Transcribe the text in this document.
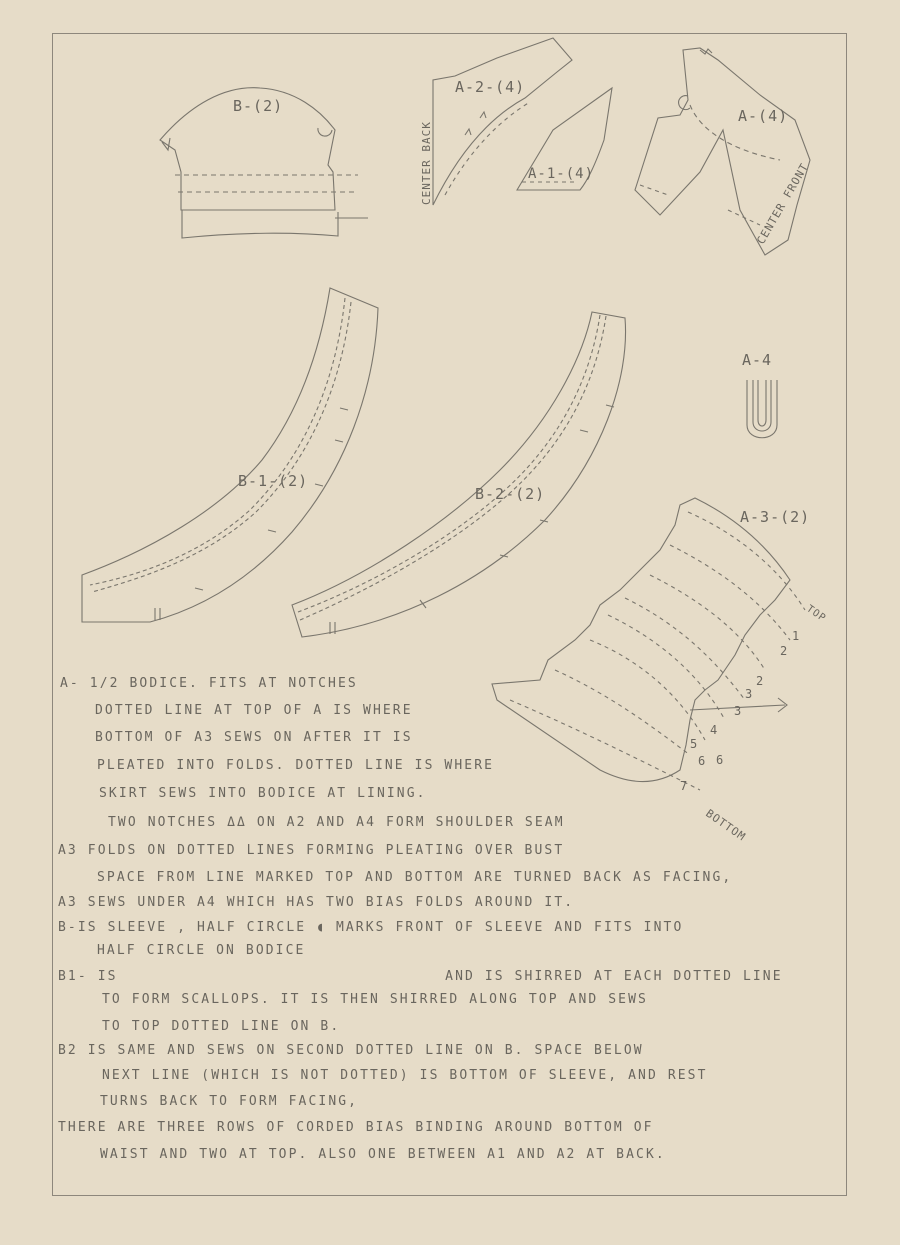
B-(2)
A-2-(4)
CENTER BACK	A-1-(4)
A-(4)
CENTER FRONT
A-4
B-1-(2)
B-2-(2)
A-3-(2)
TOP
BOTTOM
1
2
2
3
3
4
5
6
6
7
A- 1/2 BODICE. FITS AT NOTCHES
DOTTED LINE AT TOP OF A IS WHERE
BOTTOM OF A3 SEWS ON AFTER IT IS
PLEATED INTO FOLDS. DOTTED LINE IS WHERE
SKIRT SEWS INTO BODICE AT LINING.
TWO NOTCHES ΔΔ ON A2 AND A4 FORM SHOULDER SEAM
A3 FOLDS ON DOTTED LINES FORMING PLEATING OVER BUST
SPACE FROM LINE MARKED TOP AND BOTTOM ARE TURNED BACK AS FACING,
A3 SEWS UNDER A4 WHICH HAS TWO BIAS FOLDS AROUND IT.
B-IS SLEEVE , HALF CIRCLE ◖ MARKS FRONT OF SLEEVE AND FITS INTO
HALF CIRCLE ON BODICE
B1- IS                                 AND IS SHIRRED AT EACH DOTTED LINE
TO FORM SCALLOPS. IT IS THEN SHIRRED ALONG TOP AND SEWS
TO TOP DOTTED LINE ON B.
B2 IS SAME AND SEWS ON SECOND DOTTED LINE ON B. SPACE BELOW
NEXT LINE (WHICH IS NOT DOTTED) IS BOTTOM OF SLEEVE, AND REST
TURNS BACK TO FORM FACING,
THERE ARE THREE ROWS OF CORDED BIAS BINDING AROUND BOTTOM OF
WAIST AND TWO AT TOP. ALSO ONE BETWEEN A1 AND A2 AT BACK.
